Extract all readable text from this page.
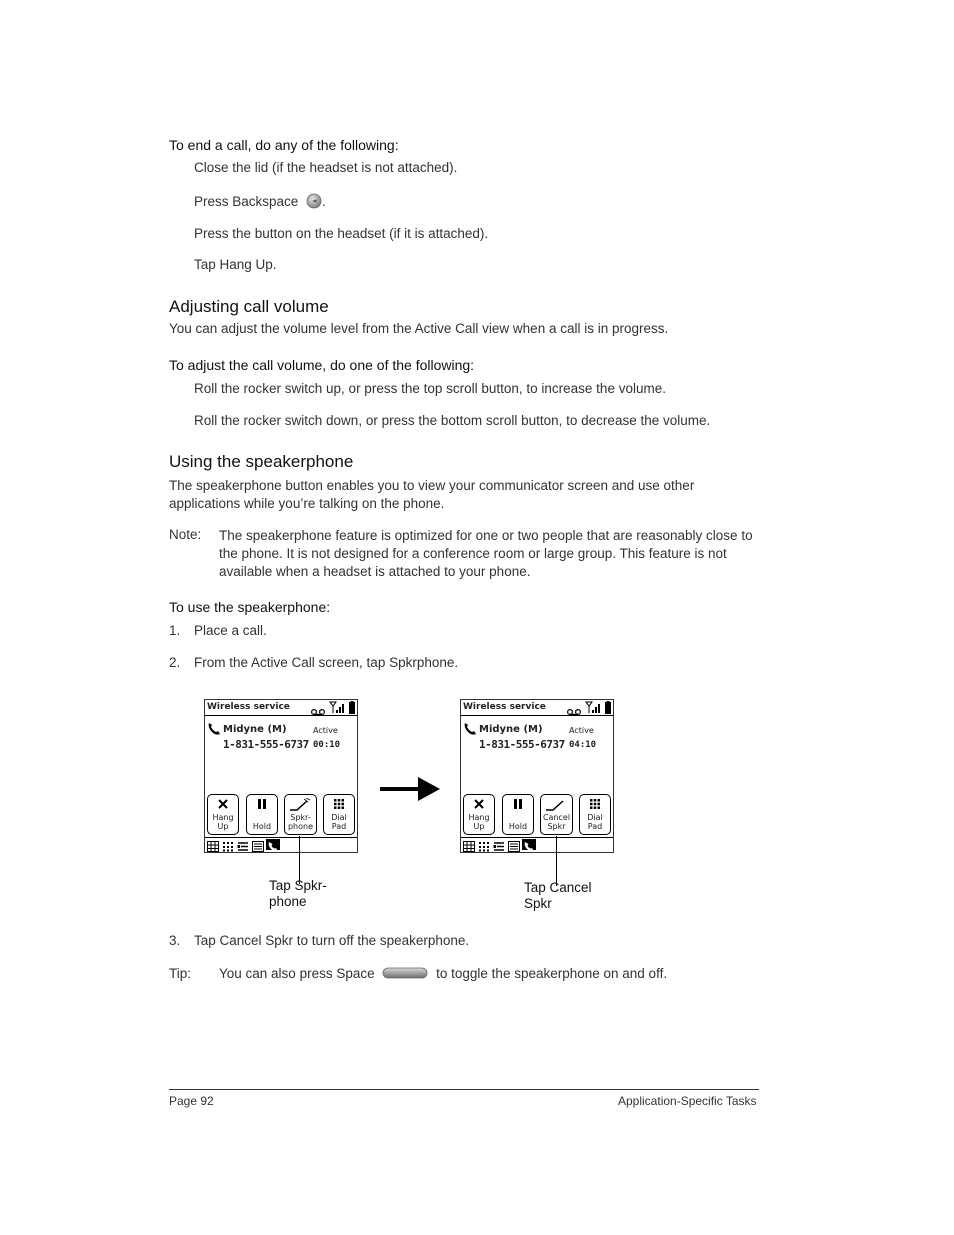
To end a call, do any of the following:
Close the lid (if the headset is not attached).
Press Backspace .
Press the button on the headset (if it is attached).
Tap Hang Up.
Adjusting call volume
You can adjust the volume level from the Active Call view when a call is in progress.
To adjust the call volume, do one of the following:
Roll the rocker switch up, or press the top scroll button, to increase the volume.
Roll the rocker switch down, or press the bottom scroll button, to decrease the volume.
Using the speakerphone
The speakerphone button enables you to view your communicator screen and use other applications while you’re talking on the phone.
Note: The speakerphone feature is optimized for one or two people that are reasonably close to the phone. It is not designed for a conference room or large group. This feature is not available when a headset is attached to your phone.
To use the speakerphone:
1. Place a call.
2. From the Active Call screen, tap Spkrphone.
Wireless service
Midyne (M)
1-831-555-6737
Active
00:10
Hang Up	Hold
Spkr-phone
Dial Pad
Wireless service
Midyne (M)
1-831-555-6737
Active
04:10
Hang Up	Hold
Cancel Spkr
Dial Pad
Tap Spkr-phone
Tap Cancel Spkr
3. Tap Cancel Spkr to turn off the speakerphone.
Tip: You can also press Space	to toggle the speakerphone on and off.
Page 92	Application-Specific Tasks
